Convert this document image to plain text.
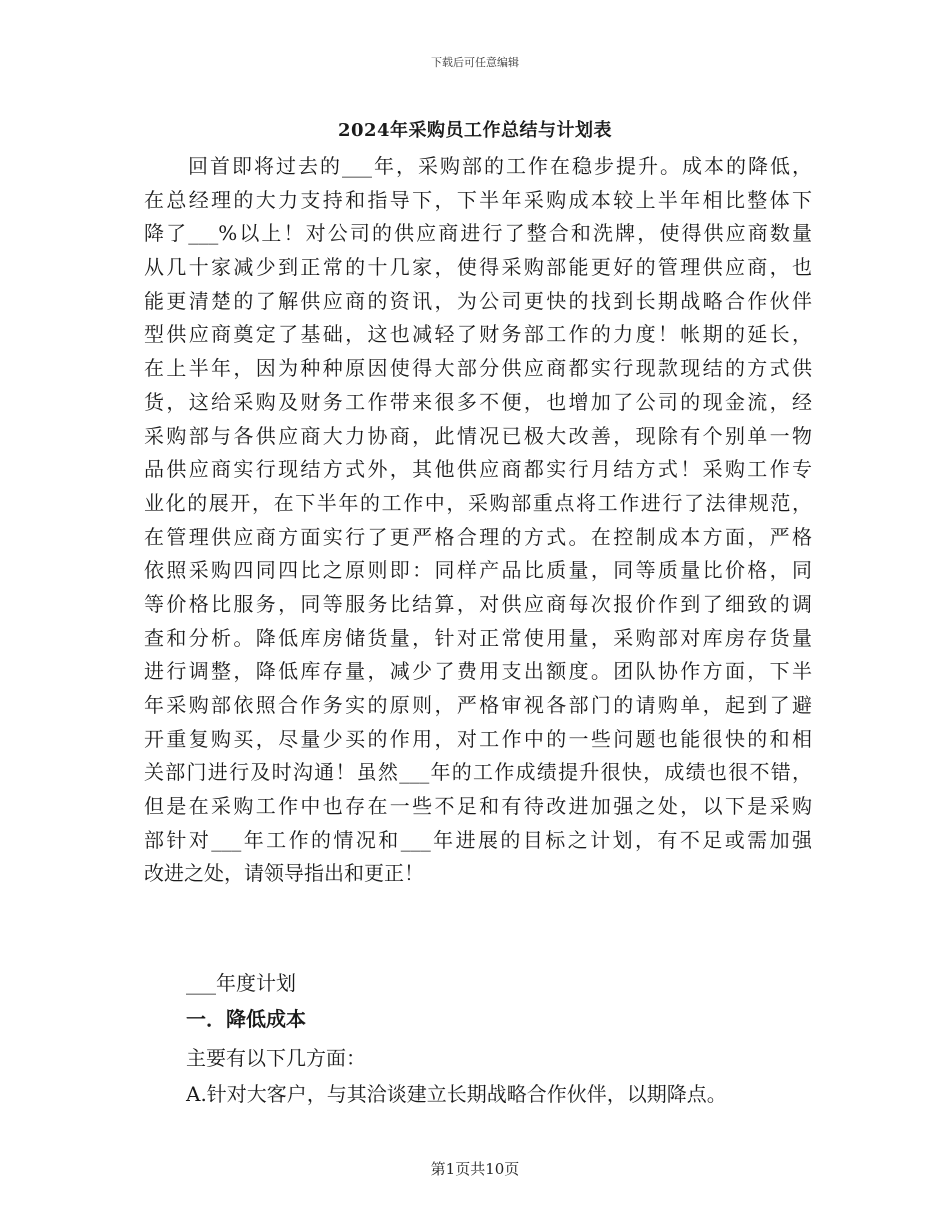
下载后可任意编辑
2024年采购员工作总结与计划表
回首即将过去的___年，采购部的工作在稳步提升。成本的降低，
在总经理的大力支持和指导下，下半年采购成本较上半年相比整体下
降了___%以上！对公司的供应商进行了整合和洗牌，使得供应商数量
从几十家减少到正常的十几家，使得采购部能更好的管理供应商，也
能更清楚的了解供应商的资讯，为公司更快的找到长期战略合作伙伴
型供应商奠定了基础，这也减轻了财务部工作的力度！帐期的延长，
在上半年，因为种种原因使得大部分供应商都实行现款现结的方式供
货，这给采购及财务工作带来很多不便，也增加了公司的现金流，经
采购部与各供应商大力协商，此情况已极大改善，现除有个别单一物
品供应商实行现结方式外，其他供应商都实行月结方式！采购工作专
业化的展开，在下半年的工作中，采购部重点将工作进行了法律规范，
在管理供应商方面实行了更严格合理的方式。在控制成本方面，严格
依照采购四同四比之原则即：同样产品比质量，同等质量比价格，同
等价格比服务，同等服务比结算，对供应商每次报价作到了细致的调
查和分析。降低库房储货量，针对正常使用量，采购部对库房存货量
进行调整，降低库存量，减少了费用支出额度。团队协作方面，下半
年采购部依照合作务实的原则，严格审视各部门的请购单，起到了避
开重复购买，尽量少买的作用，对工作中的一些问题也能很快的和相
关部门进行及时沟通！虽然___年的工作成绩提升很快，成绩也很不错，
但是在采购工作中也存在一些不足和有待改进加强之处，以下是采购
部针对___年工作的情况和___年进展的目标之计划，有不足或需加强
改进之处，请领导指出和更正！
___年度计划
一．降低成本
主要有以下几方面：
A.针对大客户，与其洽谈建立长期战略合作伙伴，以期降点。
第1页共10页
